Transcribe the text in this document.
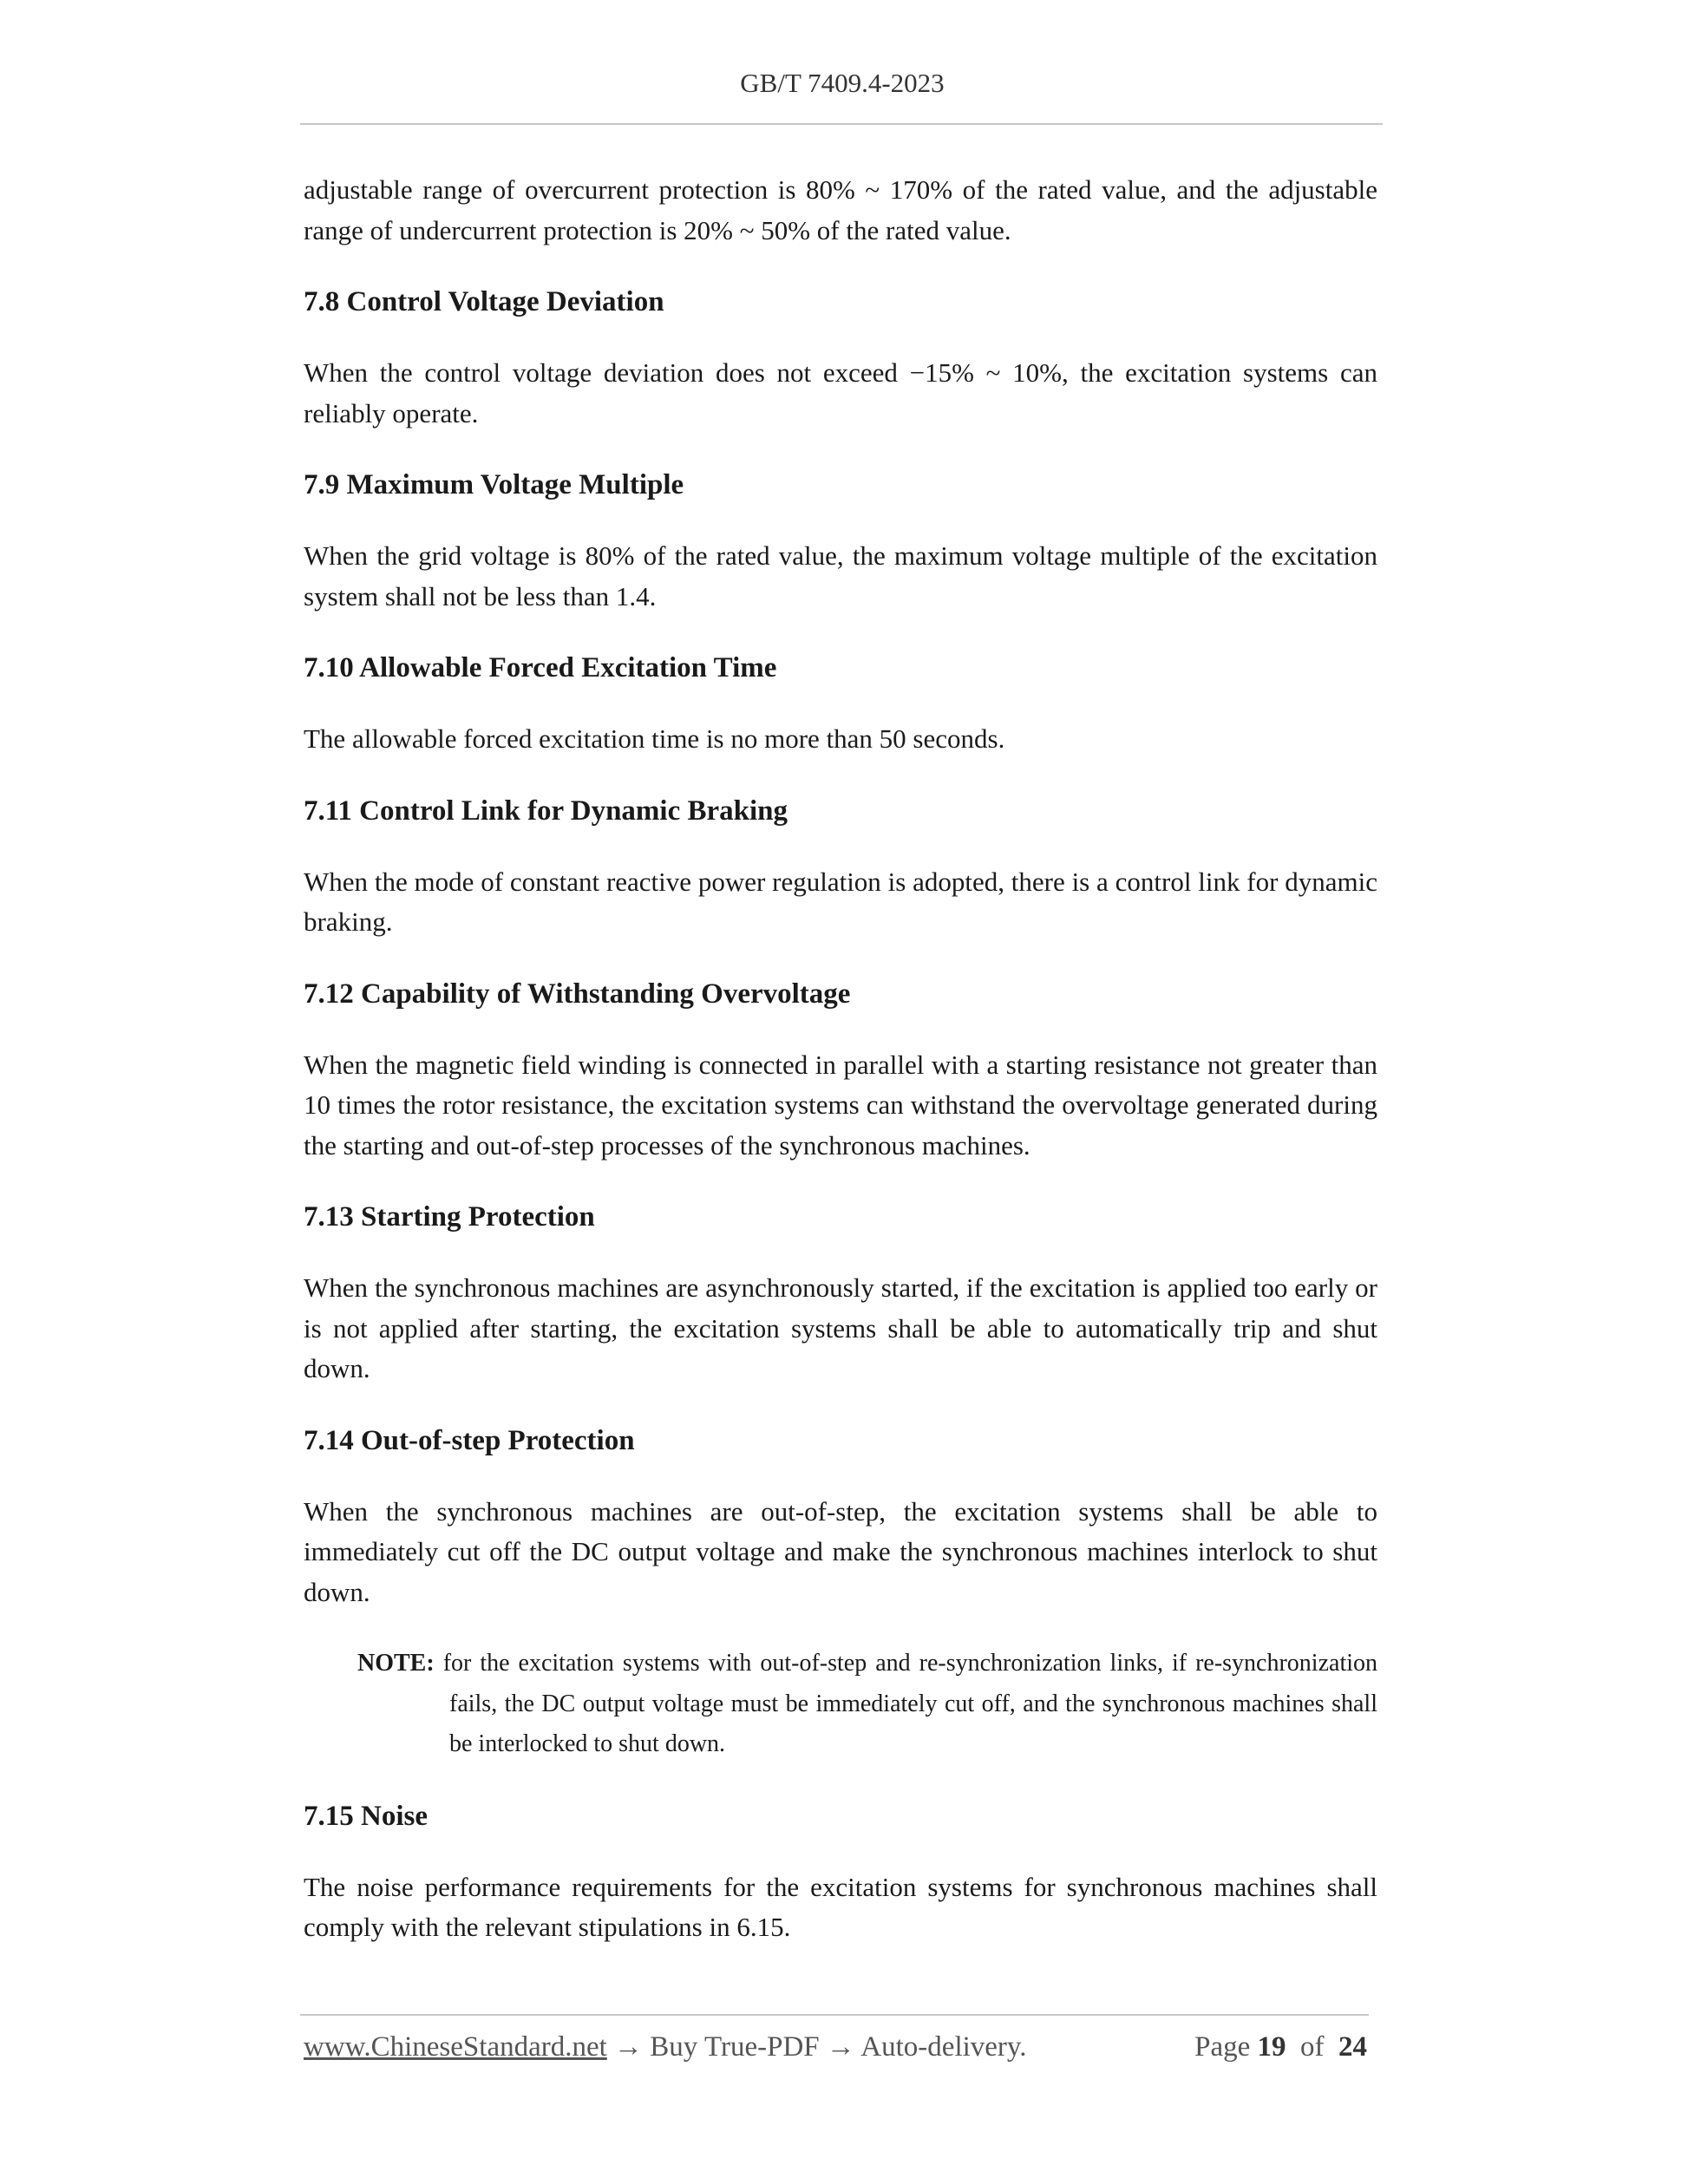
GB/T 7409.4-2023

adjustable range of overcurrent protection is 80% ~ 170% of the rated value, and the adjustable range of undercurrent protection is 20% ~ 50% of the rated value.

7.8 Control Voltage Deviation

When the control voltage deviation does not exceed −15% ~ 10%, the excitation systems can reliably operate.

7.9 Maximum Voltage Multiple

When the grid voltage is 80% of the rated value, the maximum voltage multiple of the excitation system shall not be less than 1.4.

7.10 Allowable Forced Excitation Time

The allowable forced excitation time is no more than 50 seconds.

7.11 Control Link for Dynamic Braking

When the mode of constant reactive power regulation is adopted, there is a control link for dynamic braking.

7.12 Capability of Withstanding Overvoltage

When the magnetic field winding is connected in parallel with a starting resistance not greater than 10 times the rotor resistance, the excitation systems can withstand the overvoltage generated during the starting and out-of-step processes of the synchronous machines.

7.13 Starting Protection

When the synchronous machines are asynchronously started, if the excitation is applied too early or is not applied after starting, the excitation systems shall be able to automatically trip and shut down.

7.14 Out-of-step Protection

When the synchronous machines are out-of-step, the excitation systems shall be able to immediately cut off the DC output voltage and make the synchronous machines interlock to shut down.

NOTE: for the excitation systems with out-of-step and re-synchronization links, if re-synchronization fails, the DC output voltage must be immediately cut off, and the synchronous machines shall be interlocked to shut down.

7.15 Noise

The noise performance requirements for the excitation systems for synchronous machines shall comply with the relevant stipulations in 6.15.

www.ChineseStandard.net → Buy True-PDF → Auto-delivery.	Page 19 of 24
